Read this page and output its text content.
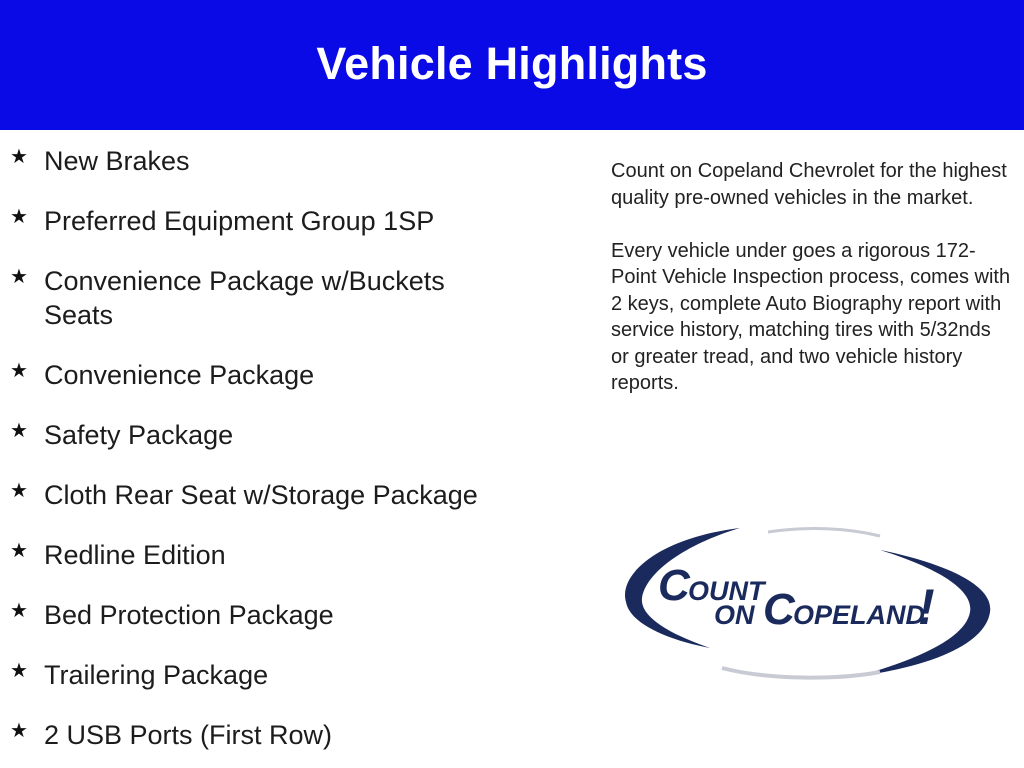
Vehicle Highlights
★ New Brakes
★ Preferred Equipment Group 1SP
★ Convenience Package w/Buckets Seats
★ Convenience Package
★ Safety Package
★ Cloth Rear Seat w/Storage Package
★ Redline Edition
★ Bed Protection Package
★ Trailering Package
★ 2 USB Ports (First Row)

Count on Copeland Chevrolet for the highest quality pre-owned vehicles in the market.

Every vehicle under goes a rigorous 172-Point Vehicle Inspection process, comes with 2 keys, complete Auto Biography report with service history, matching tires with 5/32nds or greater tread, and two vehicle history reports.

C
OUNT
ON C
OPELAND
!
